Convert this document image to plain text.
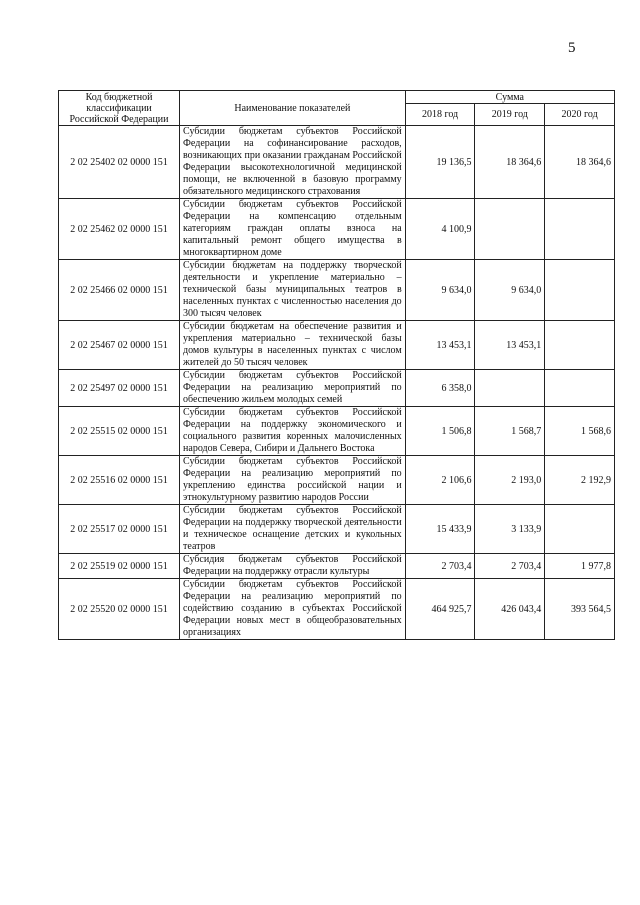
5
Код бюджетной классификации Российской Федерации	Наименование показателей	Сумма		
		2018 год	2019 год	2020 год
2 02 25402 02 0000 151	Субсидии бюджетам субъектов Российской Федерации на софинансирование расходов, возникающих при оказании гражданам Российской Федерации высокотехнологичной медицинской помощи, не включенной в базовую программу обязательного медицинского страхования	19 136,5	18 364,6	18 364,6
2 02 25462 02 0000 151	Субсидии бюджетам субъектов Российской Федерации на компенсацию отдельным категориям граждан оплаты взноса на капитальный ремонт общего имущества в многоквартирном доме	4 100,9		
2 02 25466 02 0000 151	Субсидии бюджетам на поддержку творческой деятельности и укрепление материально – технической базы муниципальных театров в населенных пунктах с численностью населения до 300 тысяч человек	9 634,0	9 634,0	
2 02 25467 02 0000 151	Субсидии бюджетам на обеспечение развития и укрепления материально – технической базы домов культуры в населенных пунктах с числом жителей до 50 тысяч человек	13 453,1	13 453,1	
2 02 25497 02 0000 151	Субсидии бюджетам субъектов Российской Федерации на реализацию мероприятий по обеспечению жильем молодых семей	6 358,0		
2 02 25515 02 0000 151	Субсидии бюджетам субъектов Российской Федерации на поддержку экономического и социального развития коренных малочисленных народов Севера, Сибири и Дальнего Востока	1 506,8	1 568,7	1 568,6
2 02 25516 02 0000 151	Субсидии бюджетам субъектов Российской Федерации на реализацию мероприятий по укреплению единства российской нации и этнокультурному развитию народов России	2 106,6	2 193,0	2 192,9
2 02 25517 02 0000 151	Субсидии бюджетам субъектов Российской Федерации на поддержку творческой деятельности и техническое оснащение детских и кукольных театров	15 433,9	3 133,9	
2 02 25519 02 0000 151	Субсидия бюджетам субъектов Российской Федерации на поддержку отрасли культуры	2 703,4	2 703,4	1 977,8
2 02 25520 02 0000 151	Субсидии бюджетам субъектов Российской Федерации на реализацию мероприятий по содействию созданию в субъектах Российской Федерации новых мест в общеобразовательных организациях	464 925,7	426 043,4	393 564,5
